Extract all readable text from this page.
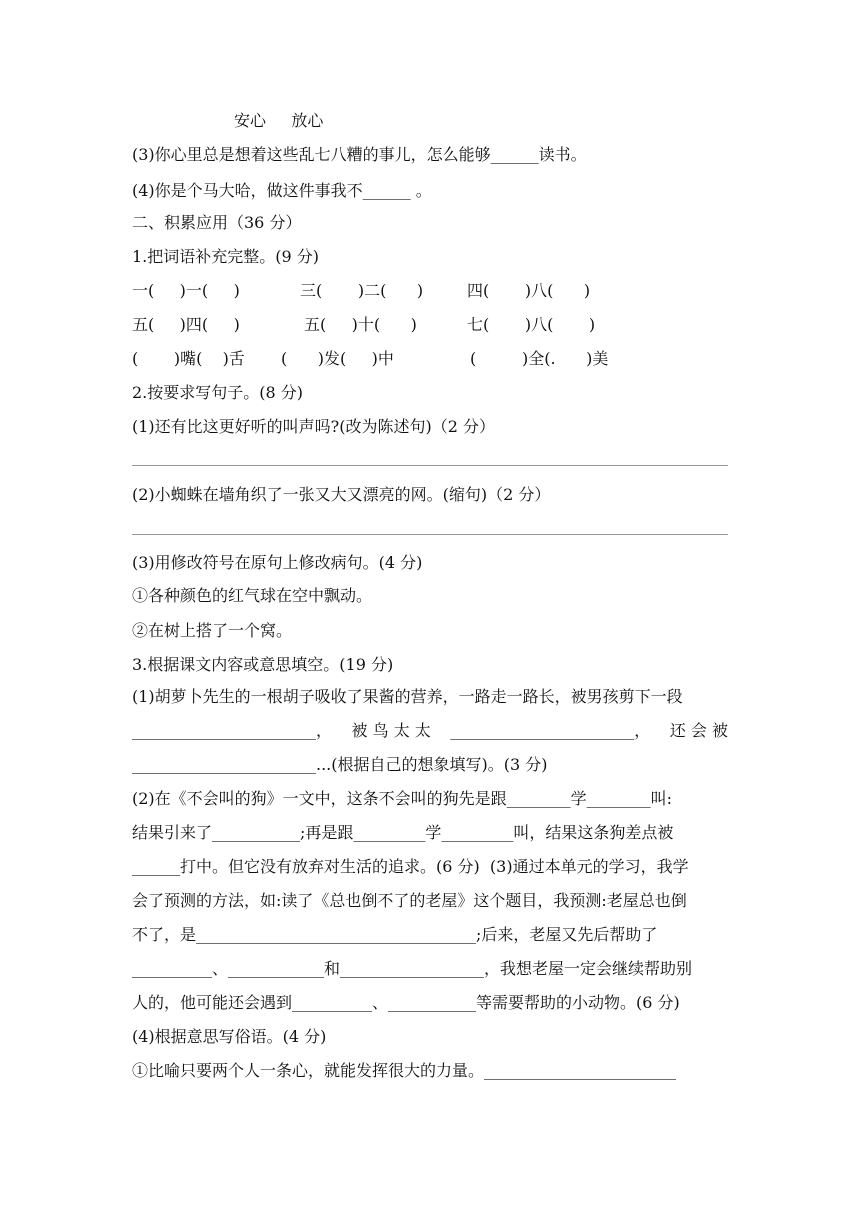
安心     放心
(3)你心里总是想着这些乱七八糟的事儿，怎么能够______读书。
(4)你是个马大哈，做这件事我不______ 。
二、积累应用（36 分）
1.把词语补充完整。(9 分)
一(     )一(     )	三(       )二(      )	四(       )八(      )
五(     )四(     )	五(     )十(      )	七(       )八(       )
(       )嘴(    )舌 (      )发(     )中	(         )全(.      )美
2.按要求写句子。(8 分)
(1)还有比这更好听的叫声吗?(改为陈述句)（2 分）
(2)小蜘蛛在墙角织了一张又大又漂亮的网。(缩句)（2 分）
(3)用修改符号在原句上修改病句。(4 分)
①各种颜色的红气球在空中飘动。
②在树上搭了一个窝。
3.根据课文内容或意思填空。(19 分)
(1)胡萝卜先生的一根胡子吸收了果酱的营养，一路走一路长，被男孩剪下一段
_______________________， 被 鸟 太 太 _______________________， 还 会 被
_______________________...(根据自己的想象填写)。(3 分)
(2)在《不会叫的狗》一文中，这条不会叫的狗先是跟________学________叫:
结果引来了___________;再是跟_________学_________叫，结果这条狗差点被
______打中。但它没有放弃对生活的追求。(6 分)  (3)通过本单元的学习，我学
会了预测的方法，如:读了《总也倒不了的老屋》这个题目，我预测:老屋总也倒
不了，是___________________________________;后来，老屋又先后帮助了
__________、____________和__________________，我想老屋一定会继续帮助别
人的，他可能还会遇到__________、___________等需要帮助的小动物。(6 分)
(4)根据意思写俗语。(4 分)
①比喻只要两个人一条心，就能发挥很大的力量。________________________
